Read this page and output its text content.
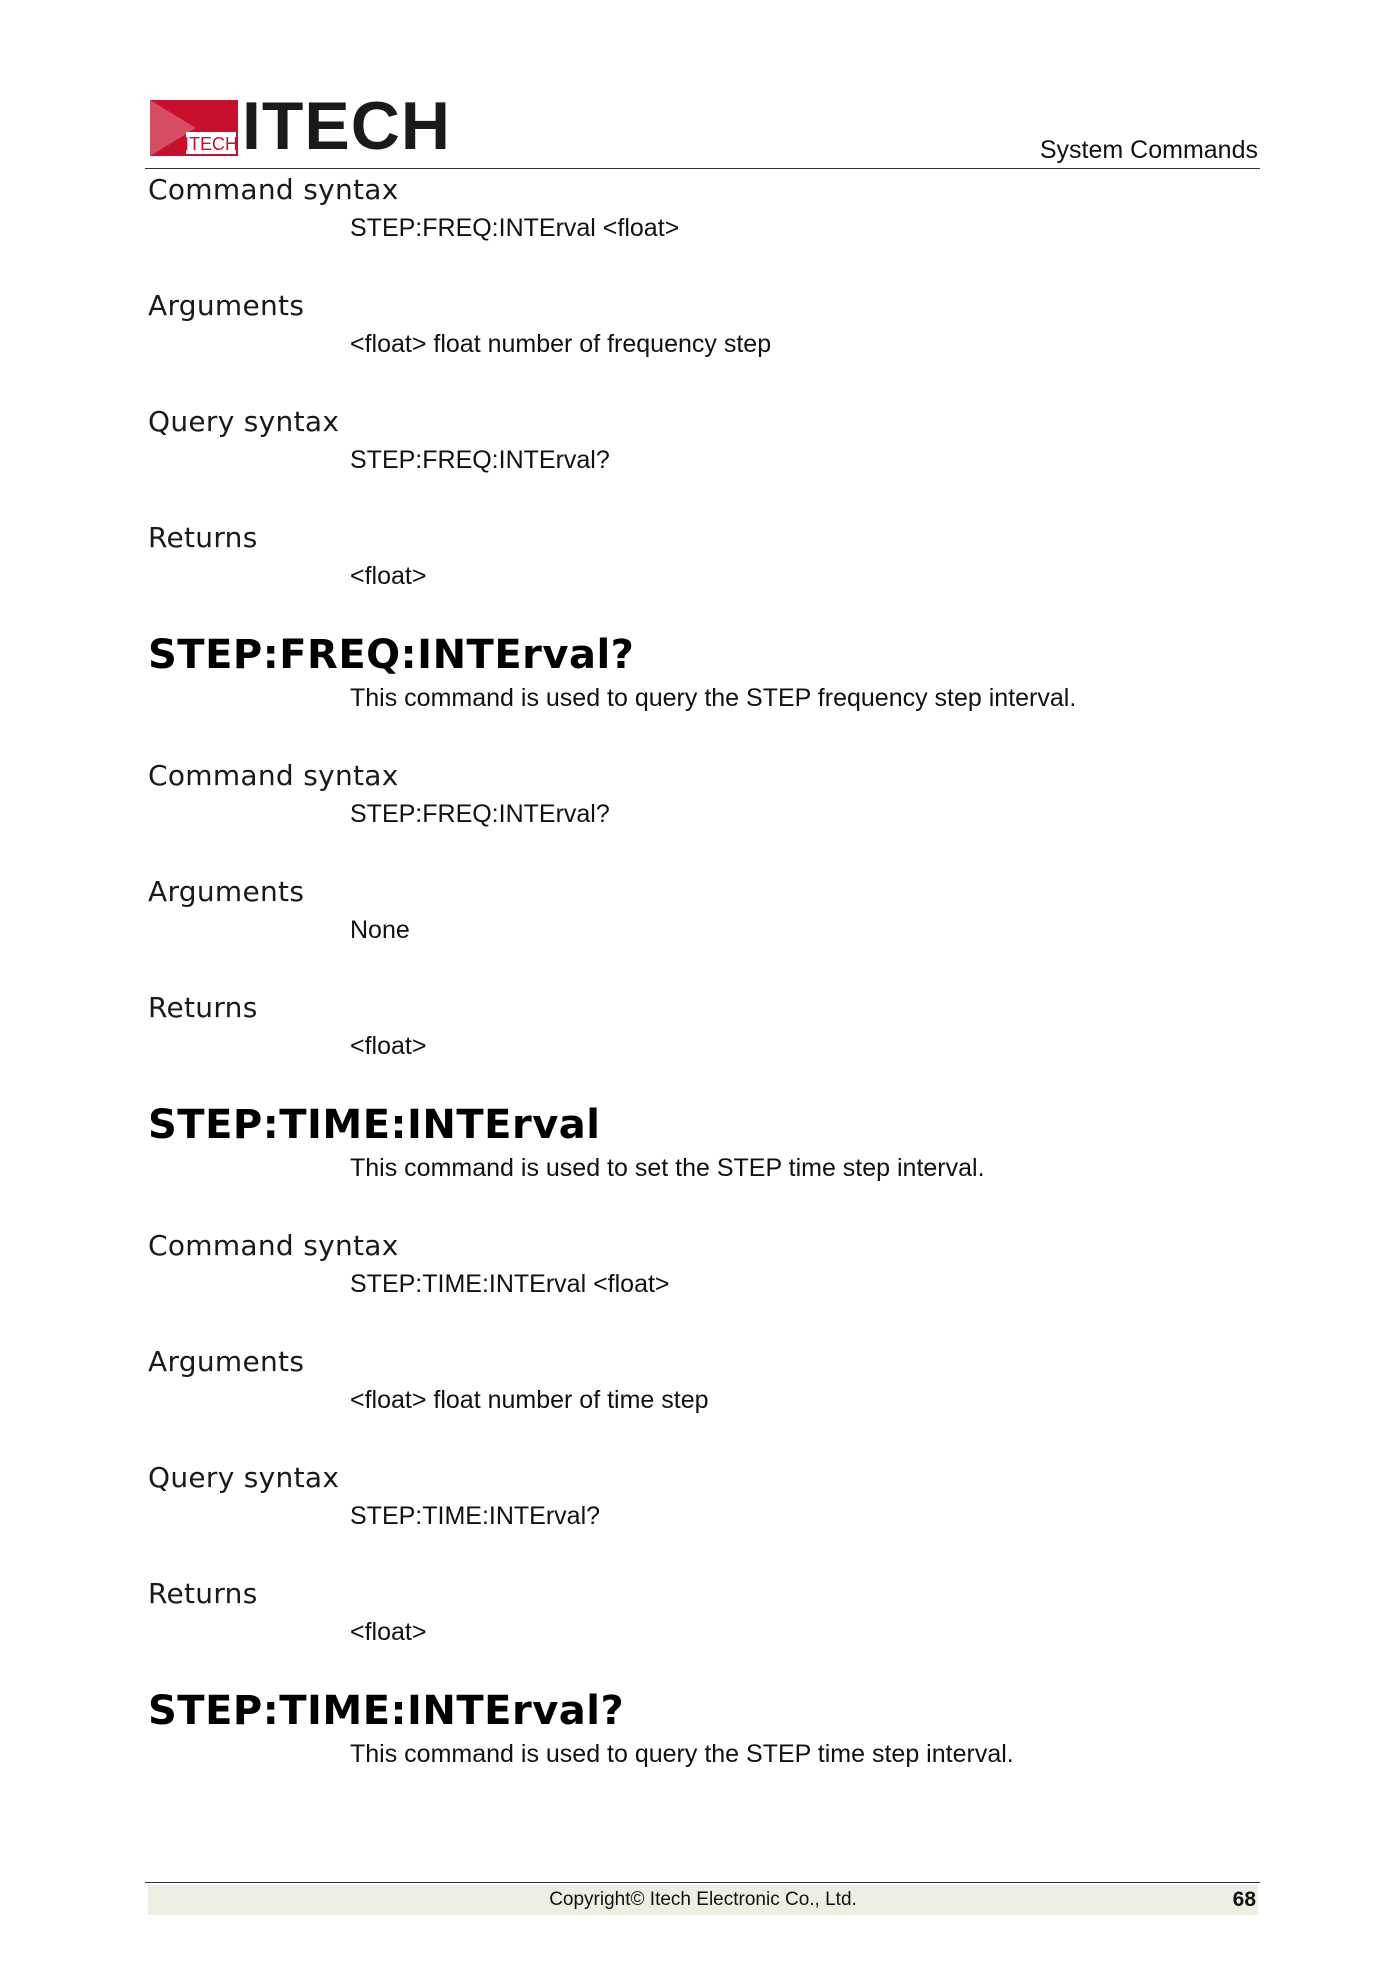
ITECH ITECH	System Commands

Command syntax

STEP:FREQ:INTErval <float>

Arguments

<float> float number of frequency step

Query syntax

STEP:FREQ:INTErval?

Returns

<float>

STEP:FREQ:INTErval?

This command is used to query the STEP frequency step interval.

Command syntax

STEP:FREQ:INTErval?

Arguments

None

Returns

<float>

STEP:TIME:INTErval

This command is used to set the STEP time step interval.

Command syntax

STEP:TIME:INTErval <float>

Arguments

<float> float number of time step

Query syntax

STEP:TIME:INTErval?

Returns

<float>

STEP:TIME:INTErval?

This command is used to query the STEP time step interval.

Copyright© Itech Electronic Co., Ltd.	68
